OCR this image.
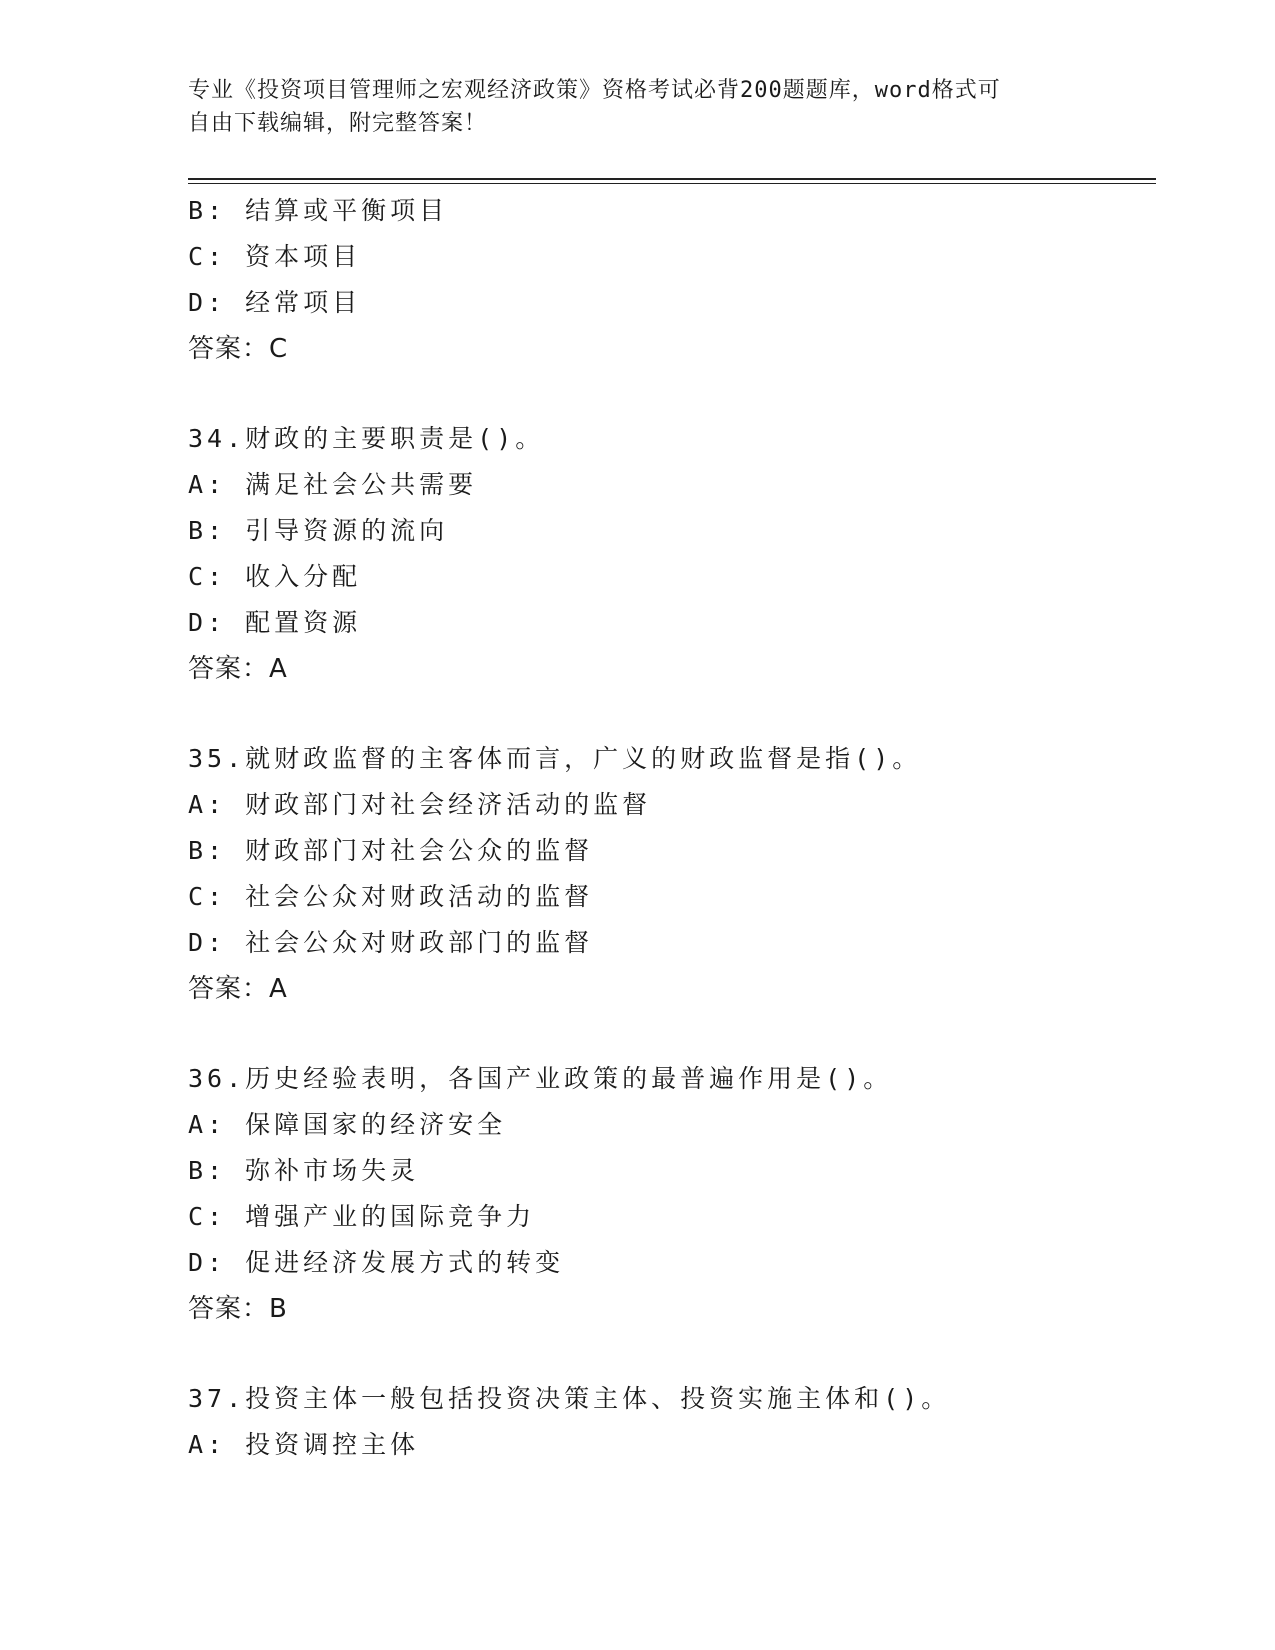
专业《投资项目管理师之宏观经济政策》资格考试必背200题题库，word格式可
自由下载编辑，附完整答案！
B: 结算或平衡项目
C: 资本项目
D: 经常项目
答案：C
34.财政的主要职责是()。
A: 满足社会公共需要
B: 引导资源的流向
C: 收入分配
D: 配置资源
答案：A
35.就财政监督的主客体而言，广义的财政监督是指()。
A: 财政部门对社会经济活动的监督
B: 财政部门对社会公众的监督
C: 社会公众对财政活动的监督
D: 社会公众对财政部门的监督
答案：A
36.历史经验表明，各国产业政策的最普遍作用是()。
A: 保障国家的经济安全
B: 弥补市场失灵
C: 增强产业的国际竞争力
D: 促进经济发展方式的转变
答案：B
37.投资主体一般包括投资决策主体、投资实施主体和()。
A: 投资调控主体
